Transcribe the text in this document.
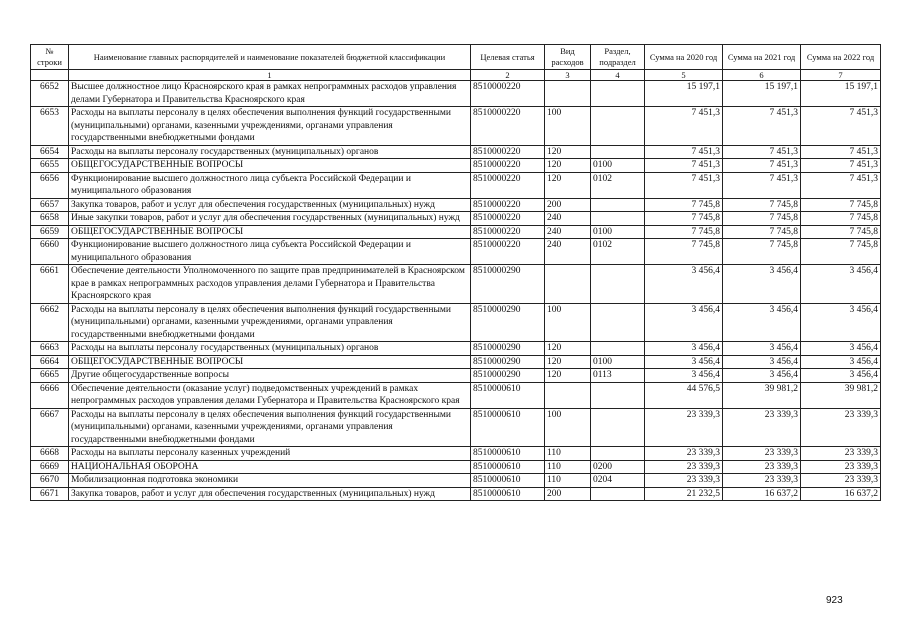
№ строки	Наименование главных распорядителей и наименование показателей бюджетной классификации	Целевая статья	Вид расходов	Раздел, подраздел	Сумма на 2020 год	Сумма на 2021 год	Сумма на 2022 год
	1	2	3	4	5	6	7
6652	Высшее должностное лицо Красноярского края в рамках непрограммных расходов управления делами Губернатора и Правительства Красноярского края	8510000220			15 197,1	15 197,1	15 197,1
6653	Расходы на выплаты персоналу в целях обеспечения выполнения функций государственными (муниципальными) органами, казенными учреждениями, органами управления государственными внебюджетными фондами	8510000220	100		7 451,3	7 451,3	7 451,3
6654	Расходы на выплаты персоналу государственных (муниципальных) органов	8510000220	120		7 451,3	7 451,3	7 451,3
6655	ОБЩЕГОСУДАРСТВЕННЫЕ ВОПРОСЫ	8510000220	120	0100	7 451,3	7 451,3	7 451,3
6656	Функционирование высшего должностного лица субъекта Российской Федерации и муниципального образования	8510000220	120	0102	7 451,3	7 451,3	7 451,3
6657	Закупка товаров, работ и услуг для обеспечения государственных (муниципальных) нужд	8510000220	200		7 745,8	7 745,8	7 745,8
6658	Иные закупки товаров, работ и услуг для обеспечения государственных (муниципальных) нужд	8510000220	240		7 745,8	7 745,8	7 745,8
6659	ОБЩЕГОСУДАРСТВЕННЫЕ ВОПРОСЫ	8510000220	240	0100	7 745,8	7 745,8	7 745,8
6660	Функционирование высшего должностного лица субъекта Российской Федерации и муниципального образования	8510000220	240	0102	7 745,8	7 745,8	7 745,8
6661	Обеспечение деятельности Уполномоченного по защите прав предпринимателей в Красноярском крае в рамках непрограммных расходов управления делами Губернатора и Правительства Красноярского края	8510000290			3 456,4	3 456,4	3 456,4
6662	Расходы на выплаты персоналу в целях обеспечения выполнения функций государственными (муниципальными) органами, казенными учреждениями, органами управления государственными внебюджетными фондами	8510000290	100		3 456,4	3 456,4	3 456,4
6663	Расходы на выплаты персоналу государственных (муниципальных) органов	8510000290	120		3 456,4	3 456,4	3 456,4
6664	ОБЩЕГОСУДАРСТВЕННЫЕ ВОПРОСЫ	8510000290	120	0100	3 456,4	3 456,4	3 456,4
6665	Другие общегосударственные вопросы	8510000290	120	0113	3 456,4	3 456,4	3 456,4
6666	Обеспечение деятельности (оказание услуг) подведомственных учреждений в рамках непрограммных расходов управления делами Губернатора и Правительства Красноярского края	8510000610			44 576,5	39 981,2	39 981,2
6667	Расходы на выплаты персоналу в целях обеспечения выполнения функций государственными (муниципальными) органами, казенными учреждениями, органами управления государственными внебюджетными фондами	8510000610	100		23 339,3	23 339,3	23 339,3
6668	Расходы на выплаты персоналу казенных учреждений	8510000610	110		23 339,3	23 339,3	23 339,3
6669	НАЦИОНАЛЬНАЯ ОБОРОНА	8510000610	110	0200	23 339,3	23 339,3	23 339,3
6670	Мобилизационная подготовка экономики	8510000610	110	0204	23 339,3	23 339,3	23 339,3
6671	Закупка товаров, работ и услуг для обеспечения государственных (муниципальных) нужд	8510000610	200		21 232,5	16 637,2	16 637,2
923
